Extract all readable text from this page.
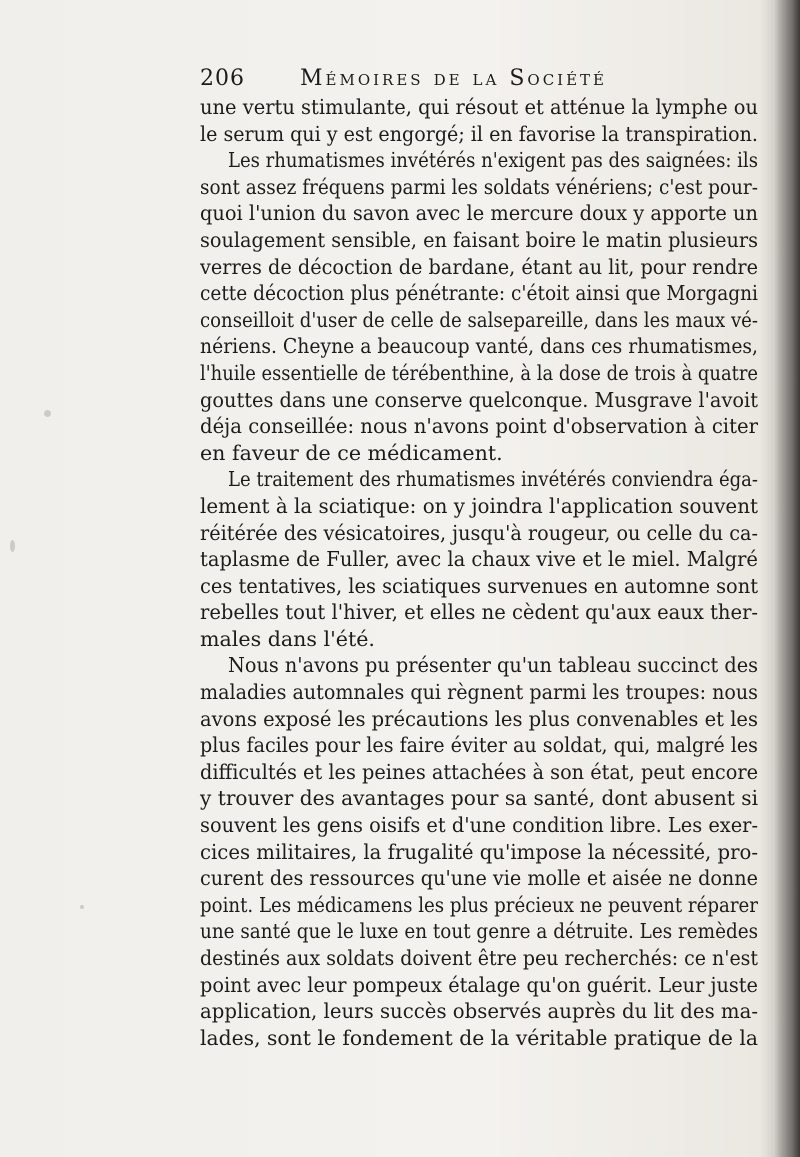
206	Mémoires de la Société
une vertu stimulante, qui résout et atténue la lymphe ou
le serum qui y est engorgé; il en favorise la transpiration.
Les rhumatismes invétérés n'exigent pas des saignées: ils
sont assez fréquens parmi les soldats vénériens; c'est pour-
quoi l'union du savon avec le mercure doux y apporte un
soulagement sensible, en faisant boire le matin plusieurs
verres de décoction de bardane, étant au lit, pour rendre
cette décoction plus pénétrante: c'étoit ainsi que Morgagni
conseilloit d'user de celle de salsepareille, dans les maux vé-
nériens. Cheyne a beaucoup vanté, dans ces rhumatismes,
l'huile essentielle de térébenthine, à la dose de trois à quatre
gouttes dans une conserve quelconque. Musgrave l'avoit
déja conseillée: nous n'avons point d'observation à citer
en faveur de ce médicament.
Le traitement des rhumatismes invétérés conviendra éga-
lement à la sciatique: on y joindra l'application souvent
réitérée des vésicatoires, jusqu'à rougeur, ou celle du ca-
taplasme de Fuller, avec la chaux vive et le miel. Malgré
ces tentatives, les sciatiques survenues en automne sont
rebelles tout l'hiver, et elles ne cèdent qu'aux eaux ther-
males dans l'été.
Nous n'avons pu présenter qu'un tableau succinct des
maladies automnales qui règnent parmi les troupes: nous
avons exposé les précautions les plus convenables et les
plus faciles pour les faire éviter au soldat, qui, malgré les
difficultés et les peines attachées à son état, peut encore
y trouver des avantages pour sa santé, dont abusent si
souvent les gens oisifs et d'une condition libre. Les exer-
cices militaires, la frugalité qu'impose la nécessité, pro-
curent des ressources qu'une vie molle et aisée ne donne
point. Les médicamens les plus précieux ne peuvent réparer
une santé que le luxe en tout genre a détruite. Les remèdes
destinés aux soldats doivent être peu recherchés: ce n'est
point avec leur pompeux étalage qu'on guérit. Leur juste
application, leurs succès observés auprès du lit des ma-
lades, sont le fondement de la véritable pratique de la
